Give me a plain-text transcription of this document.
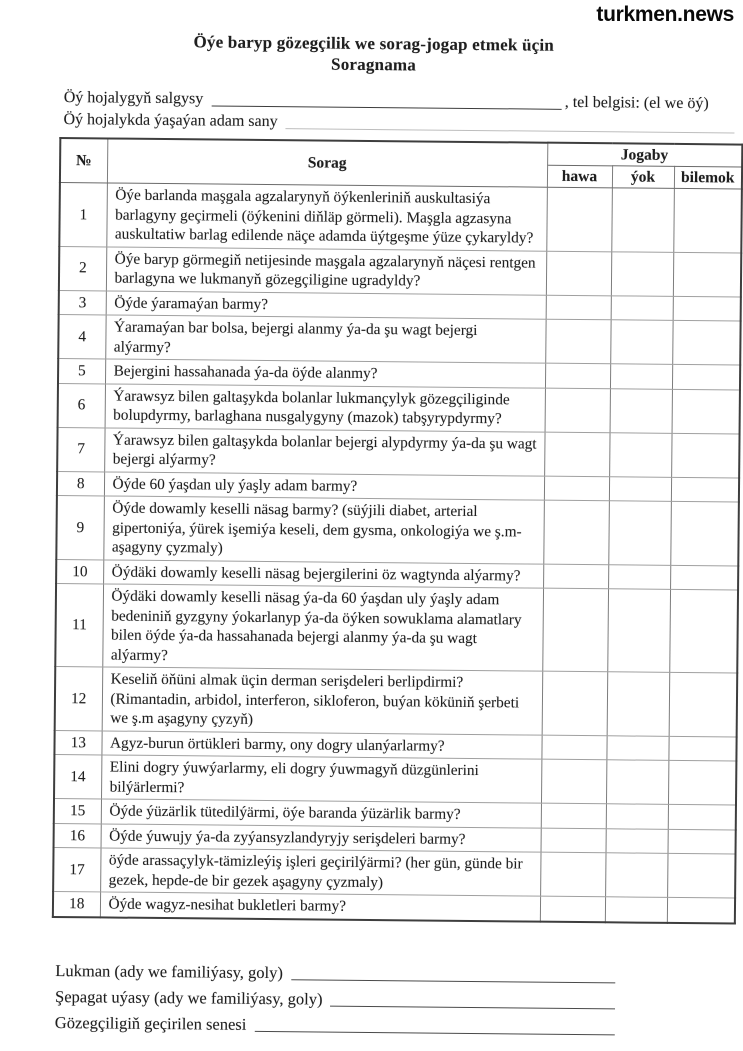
turkmen.news
Öýe baryp gözegçilik we sorag-jogap etmek üçin
Soragnama
Öý hojalygyň salgysy	, tel belgisi: (el we öý)
Öý hojalykda ýaşaýan adam sany
№	Sorag	Jogaby		
		hawa	ýok	bilemok
1	Öýe barlanda maşgala agzalarynyň öýkenleriniň auskultasiýa barlagyny geçirmeli (öýkenini diňläp görmeli). Maşgla agzasyna auskultatiw barlag edilende näçe adamda üýtgeşme ýüze çykaryldy?			
2	Öýe baryp görmegiň netijesinde maşgala agzalarynyň näçesi rentgen barlagyna we lukmanyň gözegçiligine ugradyldy?			
3	Öýde ýaramaýan barmy?			
4	Ýaramaýan bar bolsa, bejergi alanmy ýa-da şu wagt bejergi alýarmy?			
5	Bejergini hassahanada ýa-da öýde alanmy?			
6	Ýarawsyz bilen galtaşykda bolanlar lukmançylyk gözegçiliginde bolupdyrmy, barlaghana nusgalygyny (mazok) tabşyrypdyrmy?			
7	Ýarawsyz bilen galtaşykda bolanlar bejergi alypdyrmy ýa-da şu wagt bejergi alýarmy?			
8	Öýde 60 ýaşdan uly ýaşly adam barmy?			
9	Öýde dowamly keselli näsag barmy? (süýjili diabet, arterial gipertoniýa, ýürek işemiýa keseli, dem gysma, onkologiýa we ş.m-aşagyny çyzmaly)			
10	Öýdäki dowamly keselli näsag bejergilerini öz wagtynda alýarmy?			
11	Öýdäki dowamly keselli näsag ýa-da 60 ýaşdan uly ýaşly adam bedeniniň gyzgyny ýokarlanyp ýa-da öýken sowuklama alamatlary bilen öýde ýa-da hassahanada bejergi alanmy ýa-da şu wagt alýarmy?			
12	Keseliň öňüni almak üçin derman serişdeleri berlipdirmi? (Rimantadin, arbidol, interferon, sikloferon, buýan köküniň şerbeti we ş.m aşagyny çyzyň)			
13	Agyz-burun örtükleri barmy, ony dogry ulanýarlarmy?			
14	Elini dogry ýuwýarlarmy, eli dogry ýuwmagyň düzgünlerini bilýärlermi?			
15	Öýde ýüzärlik tütedilýärmi, öýe baranda ýüzärlik barmy?			
16	Öýde ýuwujy ýa-da zyýansyzlandyryjy serişdeleri barmy?			
17	öýde arassaçylyk-tämizleýiş işleri geçirilýärmi? (her gün, günde bir gezek, hepde-de bir gezek aşagyny çyzmaly)			
18	Öýde wagyz-nesihat bukletleri barmy?			
Lukman (ady we familiýasy, goly)
Şepagat uýasy (ady we familiýasy, goly)
Gözegçiligiň geçirilen senesi
